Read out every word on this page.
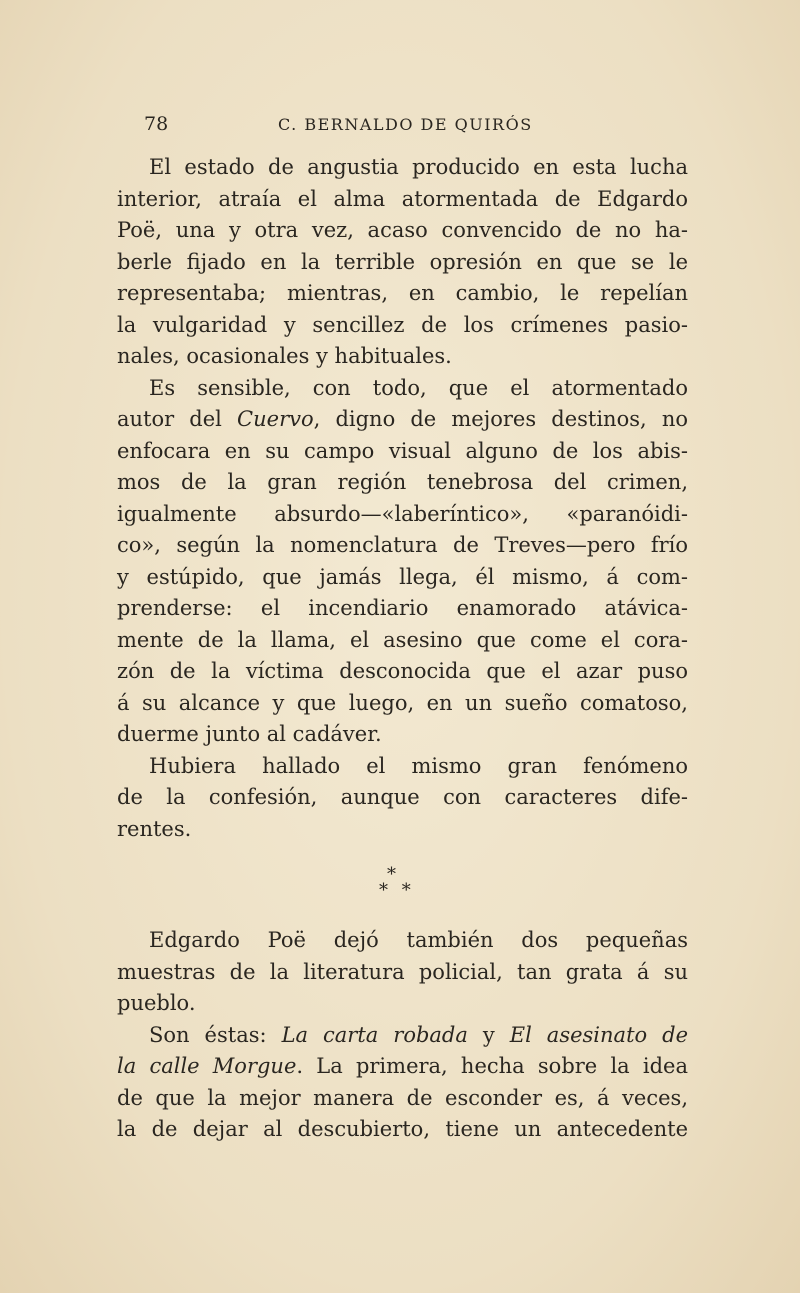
78	C. BERNALDO DE QUIRÓS
El estado de angustia producido en esta lucha
interior, atraía el alma atormentada de Edgardo
Poë, una y otra vez, acaso convencido de no ha-
berle fijado en la terrible opresión en que se le
representaba; mientras, en cambio, le repelían
la vulgaridad y sencillez de los crímenes pasio-
nales, ocasionales y habituales.
Es sensible, con todo, que el atormentado
autor del Cuervo, digno de mejores destinos, no
enfocara en su campo visual alguno de los abis-
mos de la gran región tenebrosa del crimen,
igualmente absurdo—«laberíntico», «paranóidi-
co», según la nomenclatura de Treves—pero frío
y estúpido, que jamás llega, él mismo, á com-
prenderse: el incendiario enamorado atávica-
mente de la llama, el asesino que come el cora-
zón de la víctima desconocida que el azar puso
á su alcance y que luego, en un sueño comatoso,
duerme junto al cadáver.
Hubiera hallado el mismo gran fenómeno
de la confesión, aunque con caracteres dife-
rentes.
*
* *
Edgardo Poë dejó también dos pequeñas
muestras de la literatura policial, tan grata á su
pueblo.
Son éstas: La carta robada y El asesinato de
la calle Morgue. La primera, hecha sobre la idea
de que la mejor manera de esconder es, á veces,
la de dejar al descubierto, tiene un antecedente
